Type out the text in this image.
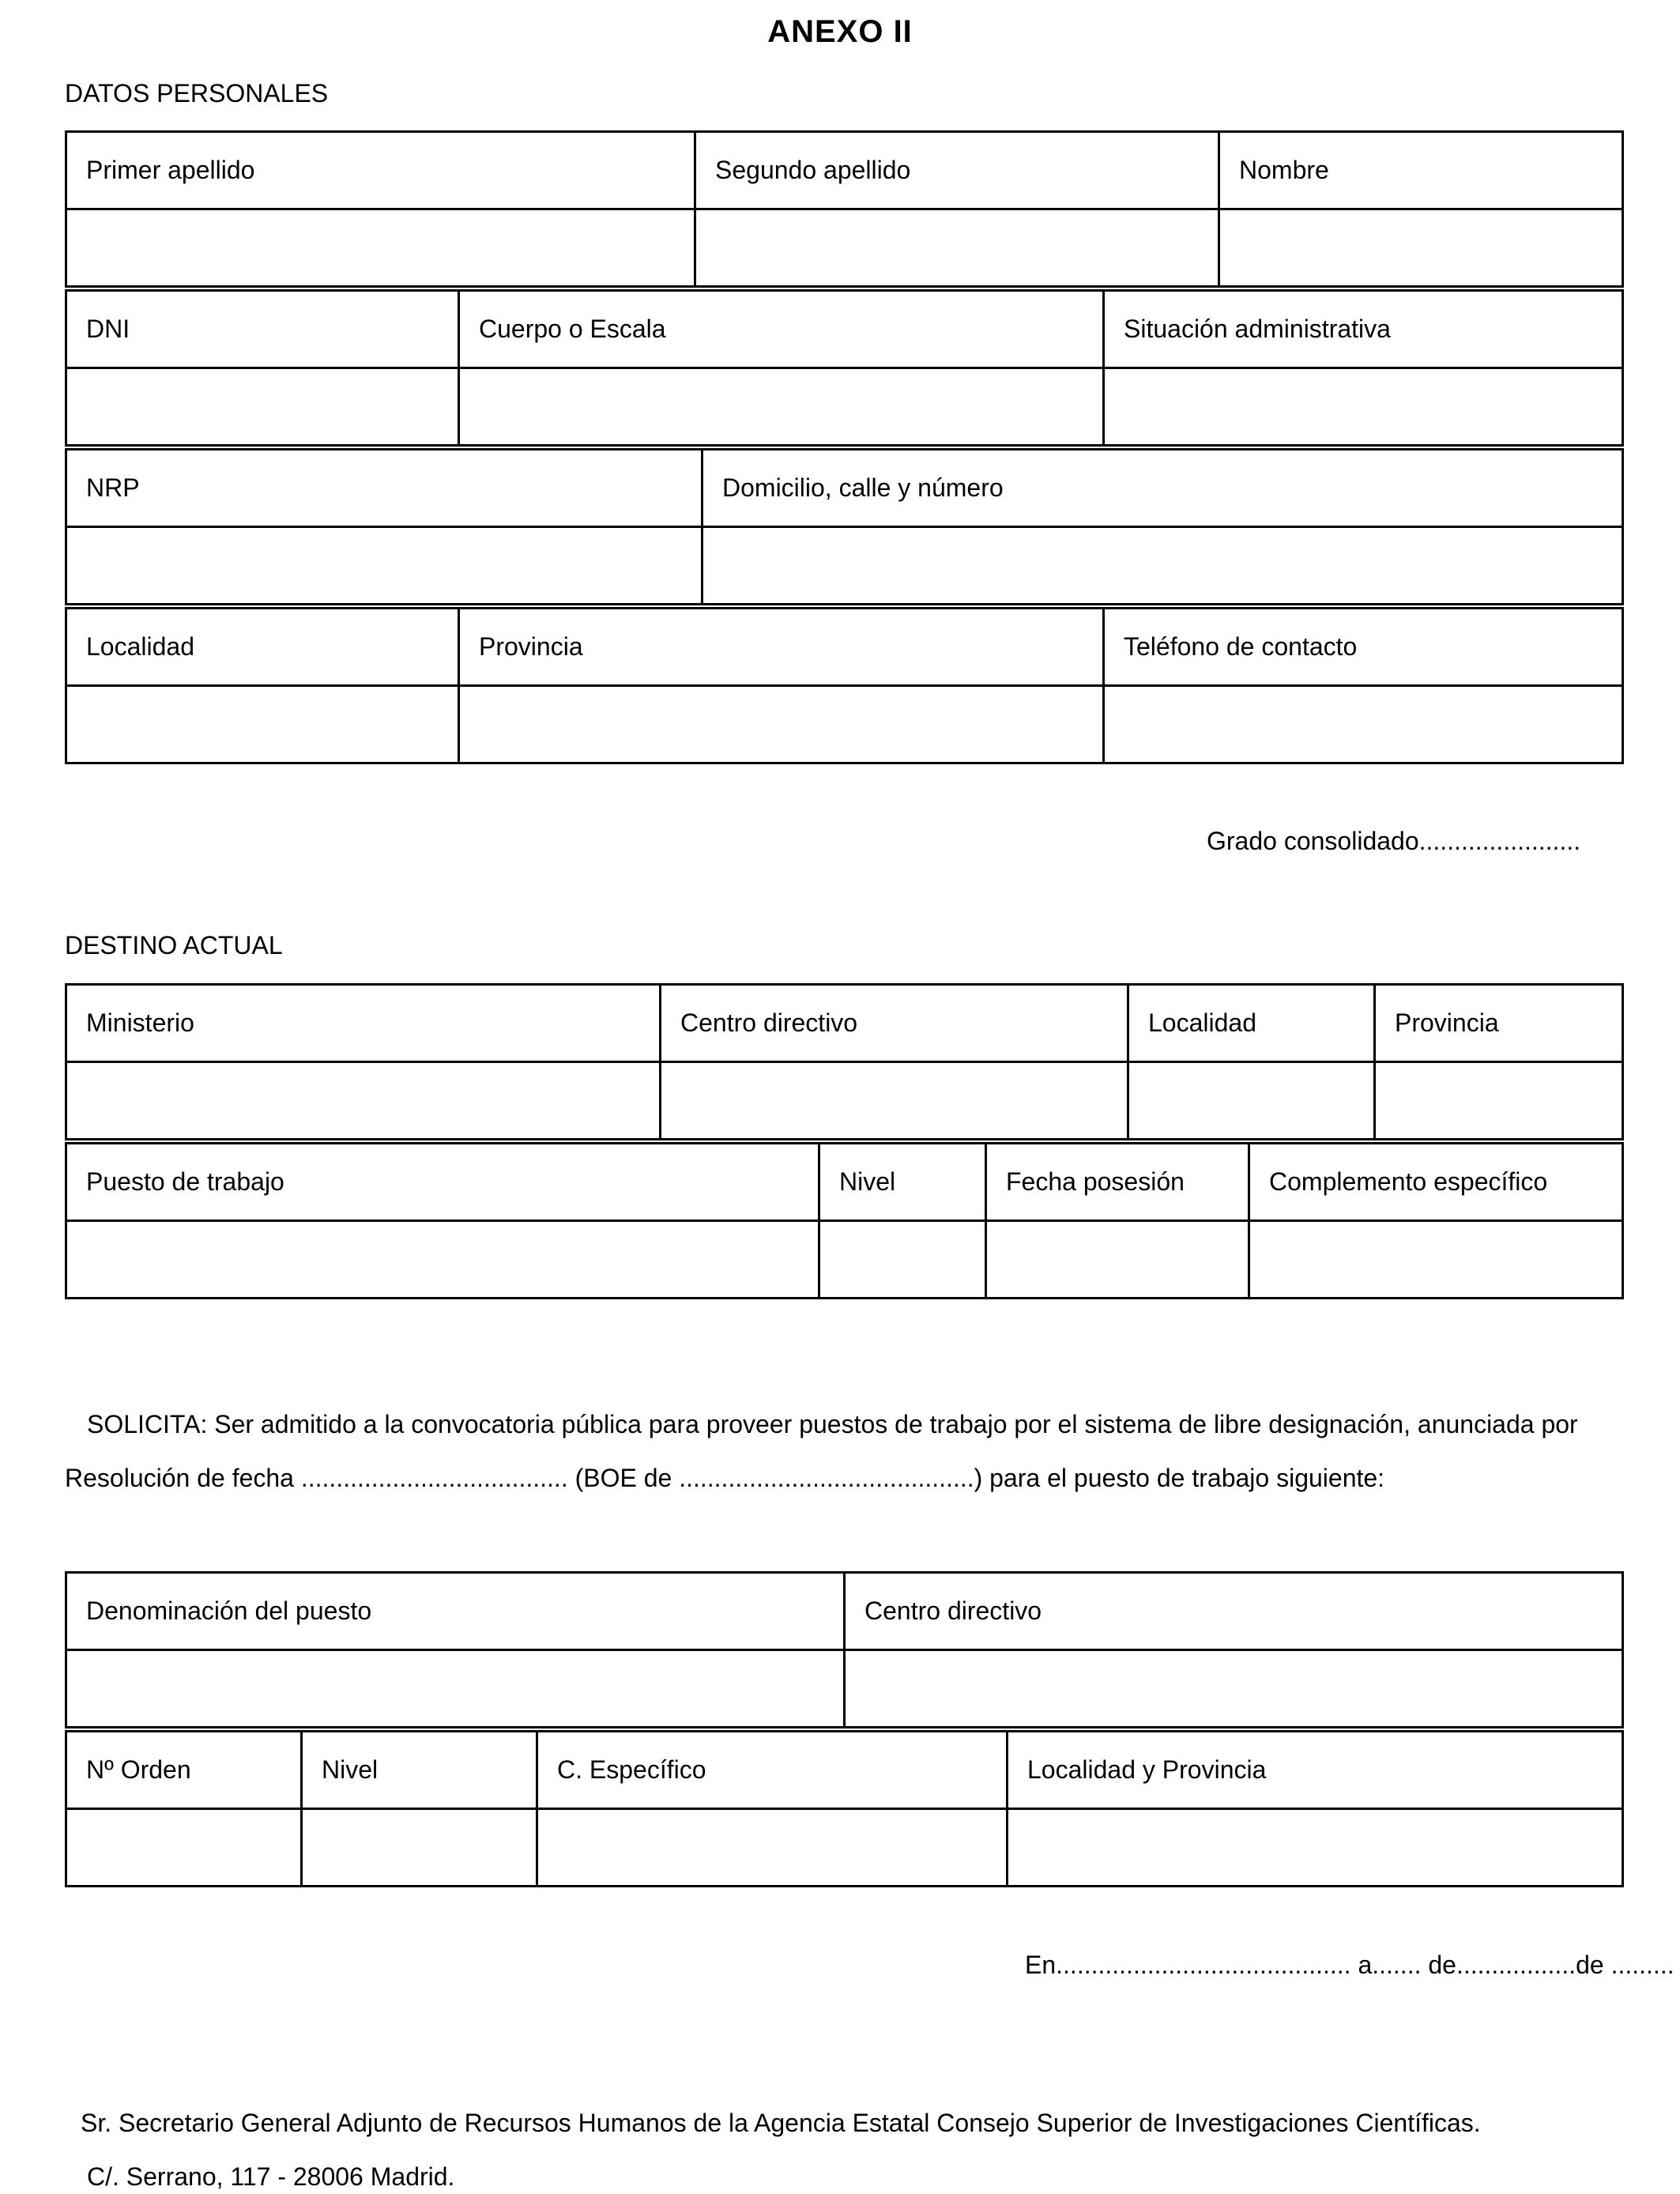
ANEXO II
DATOS PERSONALES
Primer apellido	Segundo apellido	Nombre

DNI	Cuerpo o Escala	Situación administrativa

NRP	Domicilio, calle y número

Localidad	Provincia	Teléfono de contacto

Grado consolidado.......................
DESTINO ACTUAL
Ministerio	Centro directivo	Localidad	Provincia

Puesto de trabajo	Nivel	Fecha posesión	Complemento específico

SOLICITA: Ser admitido a la convocatoria pública para proveer puestos de trabajo por el sistema de libre designación, anunciada por
Resolución de fecha ...................................... (BOE de ..........................................) para el puesto de trabajo siguiente:
Denominación del puesto	Centro directivo

Nº Orden	Nivel	C. Específico	Localidad y Provincia

En.......................................... a....... de.................de .........
Sr. Secretario General Adjunto de Recursos Humanos de la Agencia Estatal Consejo Superior de Investigaciones Científicas.
C/. Serrano, 117 - 28006 Madrid.
